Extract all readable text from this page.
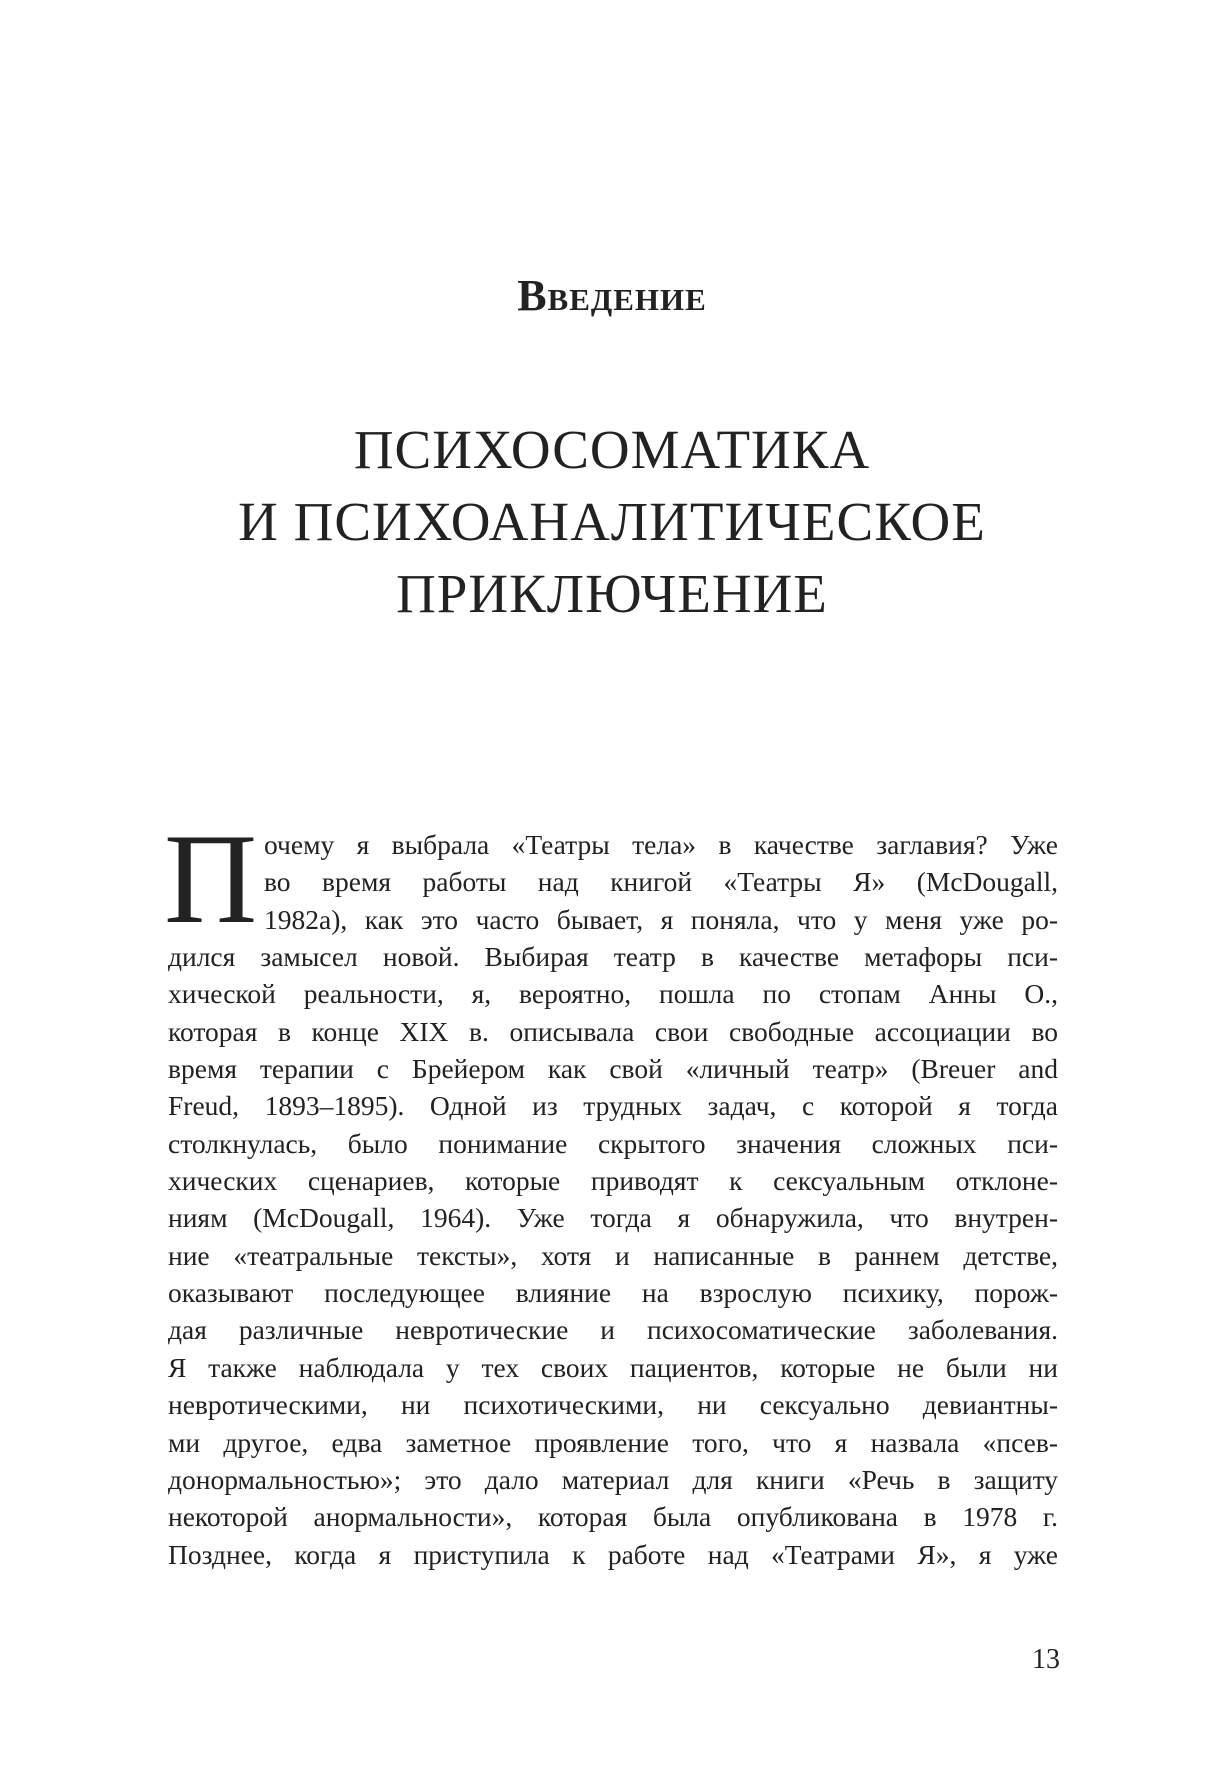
Введение
ПСИХОСОМАТИКА
И ПСИХОАНАЛИТИЧЕСКОЕ
ПРИКЛЮЧЕНИЕ
П очему я выбрала «Театры тела» в качестве заглавия? Уже
во время работы над книгой «Театры Я» (McDougall,
1982a), как это часто бывает, я поняла, что у меня уже ро-
дился замысел новой. Выбирая театр в качестве метафоры пси-
хической реальности, я, вероятно, пошла по стопам Анны О.,
которая в конце XIX в. описывала свои свободные ассоциации во
время терапии с Брейером как свой «личный театр» (Breuer and
Freud, 1893–1895). Одной из трудных задач, с которой я тогда
столкнулась, было понимание скрытого значения сложных пси-
хических сценариев, которые приводят к сексуальным отклоне-
ниям (McDougall, 1964). Уже тогда я обнаружила, что внутрен-
ние «театральные тексты», хотя и написанные в раннем детстве,
оказывают последующее влияние на взрослую психику, порож-
дая различные невротические и психосоматические заболевания.
Я также наблюдала у тех своих пациентов, которые не были ни
невротическими, ни психотическими, ни сексуально девиантны-
ми другое, едва заметное проявление того, что я назвала «псев-
донормальностью»; это дало материал для книги «Речь в защиту
некоторой анормальности», которая была опубликована в 1978 г.
Позднее, когда я приступила к работе над «Театрами Я», я уже

13
